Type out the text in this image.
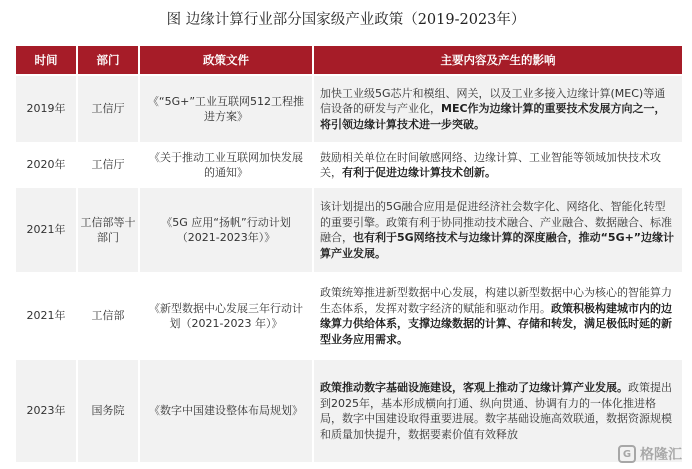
图 边缘计算行业部分国家级产业政策（2019-2023年）
时间	部门	政策文件	主要内容及产生的影响
2019年	工信厅	《“5G+”工业互联网512工程推进方案》	加快工业级5G芯片和模组、网关，以及工业多接入边缘计算(MEC)等通信设备的研发与产业化，MEC作为边缘计算的重要技术发展方向之一，将引领边缘计算技术进一步突破。
2020年	工信厅	《关于推动工业互联网加快发展的通知》	鼓励相关单位在时间敏感网络、边缘计算、工业智能等领域加快技术攻关，有利于促进边缘计算技术创新。
2021年	工信部等十部门	《5G 应用“扬帆”行动计划（2021-2023年）》	该计划提出的5G融合应用是促进经济社会数字化、网络化、智能化转型的重要引擎。政策有利于协同推动技术融合、产业融合、数据融合、标准融合，也有利于5G网络技术与边缘计算的深度融合，推动“5G+”边缘计算产业发展。
2021年	工信部	《新型数据中心发展三年行动计划（2021-2023 年）》	政策统筹推进新型数据中心发展，构建以新型数据中心为核心的智能算力生态体系，发挥对数字经济的赋能和驱动作用。政策积极构建城市内的边缘算力供给体系，支撑边缘数据的计算、存储和转发，满足极低时延的新型业务应用需求。
2023年	国务院	《数字中国建设整体布局规划》	政策推动数字基础设施建设，客观上推动了边缘计算产业发展。政策提出到2025年，基本形成横向打通、纵向贯通、协调有力的一体化推进格局，数字中国建设取得重要进展。数字基础设施高效联通，数据资源规模和质量加快提升，数据要素价值有效释放
G 格隆汇
